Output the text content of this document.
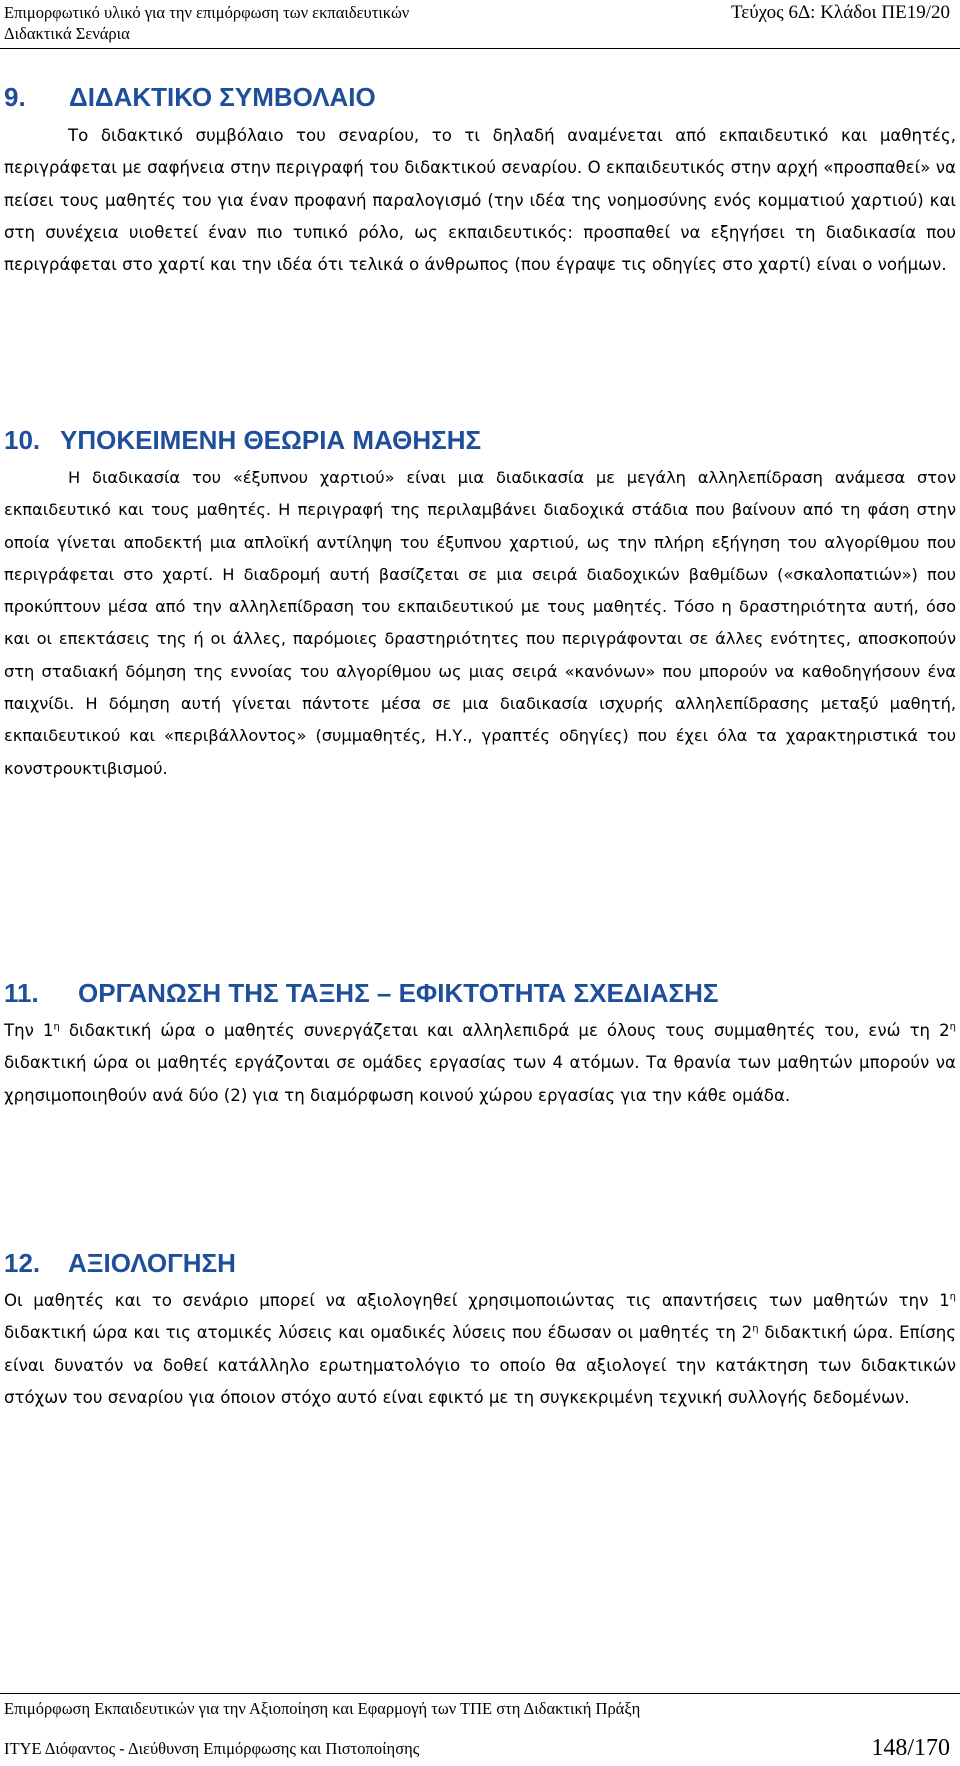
Επιμορφωτικό υλικό για την επιμόρφωση των εκπαιδευτικών
Διδακτικά Σενάρια
Τεύχος 6Δ: Κλάδοι ΠΕ19/20
9. ΔΙΔΑΚΤΙΚΟ ΣΥΜΒΟΛΑΙΟ

Το διδακτικό συμβόλαιο του σεναρίου, το τι δηλαδή αναμένεται από εκπαιδευτικό και μαθητές, περιγράφεται με σαφήνεια στην περιγραφή του διδακτικού σεναρίου. Ο εκπαιδευτικός στην αρχή «προσπαθεί» να πείσει τους μαθητές του για έναν προφανή παραλογισμό (την ιδέα της νοημοσύνης ενός κομματιού χαρτιού) και στη συνέχεια υιοθετεί έναν πιο τυπικό ρόλο, ως εκπαιδευτικός: προσπαθεί να εξηγήσει τη διαδικασία που περιγράφεται στο χαρτί και την ιδέα ότι τελικά ο άνθρωπος (που έγραψε τις οδηγίες στο χαρτί) είναι ο νοήμων.

10. ΥΠΟΚΕΙΜΕΝΗ ΘΕΩΡΙΑ ΜΑΘΗΣΗΣ

Η διαδικασία του «έξυπνου χαρτιού» είναι μια διαδικασία με μεγάλη αλληλεπίδραση ανάμεσα στον εκπαιδευτικό και τους μαθητές. Η περιγραφή της περιλαμβάνει διαδοχικά στάδια που βαίνουν από τη φάση στην οποία γίνεται αποδεκτή μια απλοϊκή αντίληψη του έξυπνου χαρτιού, ως την πλήρη εξήγηση του αλγορίθμου που περιγράφεται στο χαρτί. Η διαδρομή αυτή βασίζεται σε μια σειρά διαδοχικών βαθμίδων («σκαλοπατιών») που προκύπτουν μέσα από την αλληλεπίδραση του εκπαιδευτικού με τους μαθητές. Τόσο η δραστηριότητα αυτή, όσο και οι επεκτάσεις της ή οι άλλες, παρόμοιες δραστηριότητες που περιγράφονται σε άλλες ενότητες, αποσκοπούν στη σταδιακή δόμηση της εννοίας του αλγορίθμου ως μιας σειρά «κανόνων» που μπορούν να καθοδηγήσουν ένα παιχνίδι. Η δόμηση αυτή γίνεται πάντοτε μέσα σε μια διαδικασία ισχυρής αλληλεπίδρασης μεταξύ μαθητή, εκπαιδευτικού και «περιβάλλοντος» (συμμαθητές, Η.Υ., γραπτές οδηγίες) που έχει όλα τα χαρακτηριστικά του κονστρουκτιβισμού.

11. ΟΡΓΑΝΩΣΗ ΤΗΣ ΤΑΞΗΣ – ΕΦΙΚΤΟΤΗΤΑ ΣΧΕΔΙΑΣΗΣ

Την $1^\eta$ διδακτική ώρα ο μαθητές συνεργάζεται και αλληλεπιδρά με όλους τους συμμαθητές του, ενώ τη $2^\eta$ διδακτική ώρα οι μαθητές εργάζονται σε ομάδες εργασίας των 4 ατόμων. Τα θρανία των μαθητών μπορούν να χρησιμοποιηθούν ανά δύο (2) για τη διαμόρφωση κοινού χώρου εργασίας για την κάθε ομάδα.

12. ΑΞΙΟΛΟΓΗΣΗ

Οι μαθητές και το σενάριο μπορεί να αξιολογηθεί χρησιμοποιώντας τις απαντήσεις των μαθητών την $1^\eta$ διδακτική ώρα και τις ατομικές λύσεις και ομαδικές λύσεις που έδωσαν οι μαθητές τη $2^\eta$ διδακτική ώρα. Επίσης είναι δυνατόν να δοθεί κατάλληλο ερωτηματολόγιο το οποίο θα αξιολογεί την κατάκτηση των διδακτικών στόχων του σεναρίου για όποιον στόχο αυτό είναι εφικτό με τη συγκεκριμένη τεχνική συλλογής δεδομένων.

Επιμόρφωση Εκπαιδευτικών για την Αξιοποίηση και Εφαρμογή των ΤΠΕ στη Διδακτική Πράξη
ΙΤΥΕ Διόφαντος - Διεύθυνση Επιμόρφωσης και Πιστοποίησης	148/170
